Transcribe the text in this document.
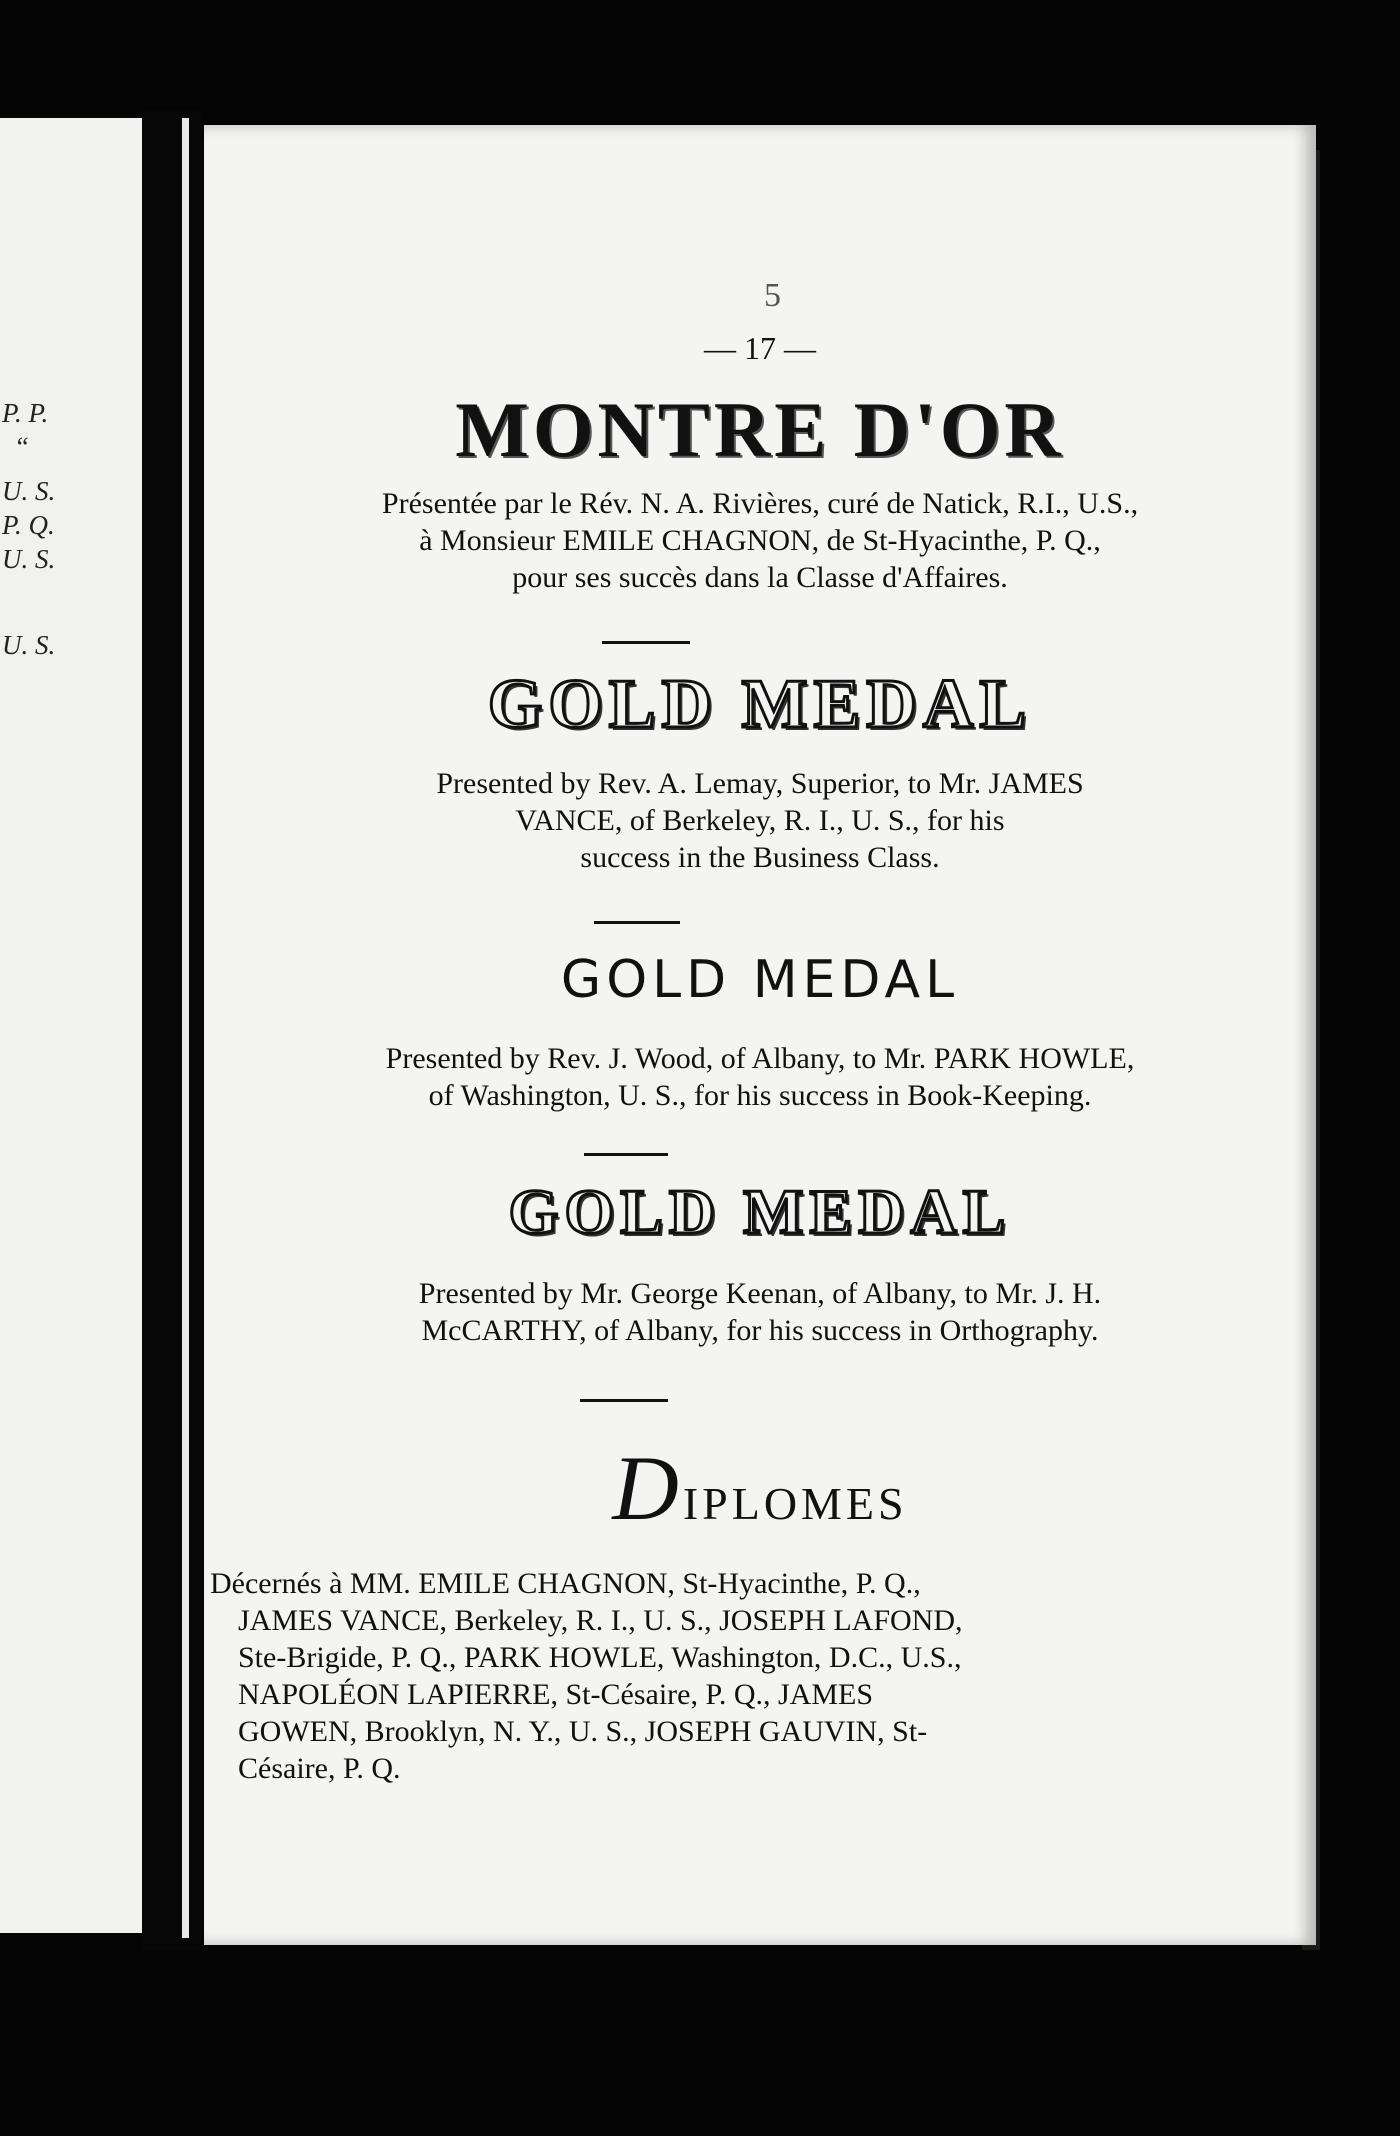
P. P.
“
U. S.
P. Q.
U. S.
U. S.
5
— 17 —
MONTRE D'OR
Présentée par le Rév. N. A. Rivières, curé de Natick, R.I., U.S.,
à Monsieur EMILE CHAGNON, de St-Hyacinthe, P. Q.,
pour ses succès dans la Classe d'Affaires.
GOLD MEDAL
Presented by Rev. A. Lemay, Superior, to Mr. JAMES
VANCE, of Berkeley, R. I., U. S., for his
success in the Business Class.
GOLD MEDAL
Presented by Rev. J. Wood, of Albany, to Mr. PARK HOWLE,
of Washington, U. S., for his success in Book-Keeping.
GOLD MEDAL
Presented by Mr. George Keenan, of Albany, to Mr. J. H.
McCARTHY, of Albany, for his success in Orthography.
DIPLOMES
Décernés à MM. EMILE CHAGNON, St-Hyacinthe, P. Q.,
JAMES VANCE, Berkeley, R. I., U. S., JOSEPH LAFOND,
Ste-Brigide, P. Q., PARK HOWLE, Washington, D.C., U.S.,
NAPOLÉON LAPIERRE, St-Césaire, P. Q., JAMES
GOWEN, Brooklyn, N. Y., U. S., JOSEPH GAUVIN, St-
Césaire, P. Q.
